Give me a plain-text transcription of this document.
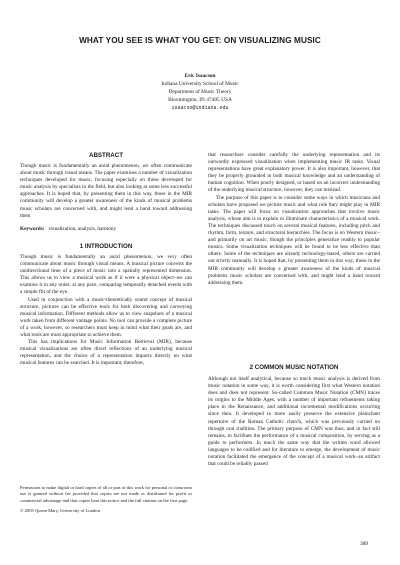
WHAT YOU SEE IS WHAT YOU GET: ON VISUALIZING MUSIC
Eric Isaacson
Indiana University School of Music
Department of Music Theory
Bloomington, IN 47405 USA
isaacso@indiana.edu
ABSTRACT

Though music is fundamentally an aural phenomenon, we often communicate about music through visual means. The paper examines a number of visualization techniques developed for music, focusing especially on those developed for music analysis by specialists in the field, but also looking at some less successful approaches. It is hoped that, by presenting them in this way, those in the MIR community will develop a greater awareness of the kinds of musical problems music scholars are concerned with, and might lend a hand toward addressing them

Keywords: visualization, analysis, harmony

1 INTRODUCTION

Though music is fundamentally an aural phenomenon, we very often communicate about music through visual means. A musical picture converts the unidirectional time of a piece of music into a spatially represented dimension. This allows us to view a musical work as if it were a physical object–we can examine it in any order, at any pace, comparing temporally detached events with a simple flit of the eye.

Used in conjunction with a music-theoretically sound concept of musical structure, pictures can be effective tools for both discovering and conveying musical information. Different methods allow us to view snapshots of a musical work taken from different vantage points. No tool can provide a complete picture of a work, however, so researchers must keep in mind what their goals are, and what tools are most appropriate to achieve them.

This has implications for Music Information Retrieval (MIR), because musical visualizations are often direct reflections of an underlying musical representation, and the choice of a representation impacts directly on what musical features can be searched. It is important, therefore,

Permission to make digital or hard copies of all or part of this work for personal or classroom use is granted without fee provided that copies are not made or distributed for profit or commercial advantage and that copies bear this notice and the full citation on the first page.

© 2005 Queen Mary, University of London

that researchers consider carefully the underlying representation and its outwardly expressed visualization when implementing music IR tasks. Visual representations have great explanatory power. It is also important, however, that they be properly grounded in both musical knowledge and an understanding of human cognition. When poorly designed, or based on an incorrect understanding of the underlying musical structure, however, they can mislead.

The purpose of this paper is to consider some ways in which musicians and scholars have proposed we picture music and what role they might play in MIR tasks. The paper will focus on visualization approaches that involve music analysis, whose aim is to explain or illuminate characteristics of a musical work. The techniques discussed touch on several musical features, including pitch and rhythm, form, texture, and structural hierarchies. The focus is on Western music–and primarily on art music, though the principles generalize readily to popular musics. Some visualization techniques will be found to be less effective than others. Some of the techniques are already technology-based, others are carried out strictly manually. It is hoped that, by presenting them in this way, those in the MIR community will develop a greater awareness of the kinds of musical problems music scholars are concerned with, and might lend a hand toward addressing them.

2 COMMON MUSIC NOTATION

Although not itself analytical, because so much music analysis is derived from music notation in some way, it is worth considering first what Western notation does and does not represent. So-called Common Music Notation (CMN) traces its origins to the Middle Ages, with a number of important refinements taking place in the Renaissance, and additional incremental modifications occurring since then. It developed to more easily preserve the extensive plainchant repertoire of the Roman Catholic church, which was previously carried on through oral tradition. The primary purpose of CMN was thus, and in fact still remains, to facilitate the performance of a musical composition, by serving as a guide to performers. In much the same way that the written word allowed languages to be codified and for literature to emerge, the development of music notation facilitated the emergence of the concept of a musical work–an artifact that could be reliably passed

389
